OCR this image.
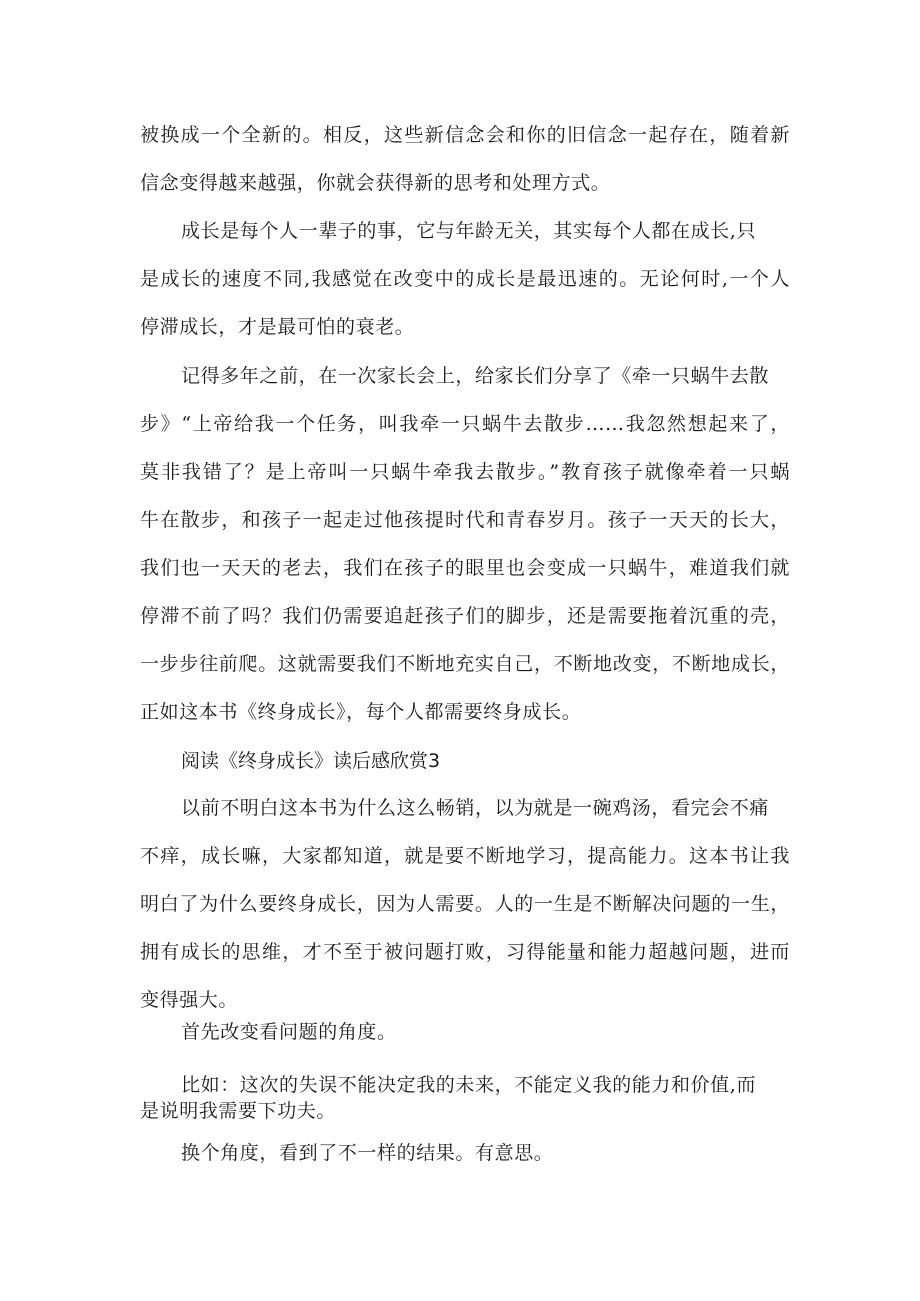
被换成一个全新的。相反，这些新信念会和你的旧信念一起存在，随着新
信念变得越来越强，你就会获得新的思考和处理方式。
成长是每个人一辈子的事，它与年龄无关，其实每个人都在成长,只
是成长的速度不同,我感觉在改变中的成长是最迅速的。无论何时,一个人
停滞成长，才是最可怕的衰老。
记得多年之前，在一次家长会上，给家长们分享了《牵一只蜗牛去散
步》“上帝给我一个任务，叫我牵一只蜗牛去散步……我忽然想起来了，
莫非我错了？是上帝叫一只蜗牛牵我去散步。”教育孩子就像牵着一只蜗
牛在散步，和孩子一起走过他孩提时代和青春岁月。孩子一天天的长大，
我们也一天天的老去，我们在孩子的眼里也会变成一只蜗牛，难道我们就
停滞不前了吗？我们仍需要追赶孩子们的脚步，还是需要拖着沉重的壳，
一步步往前爬。这就需要我们不断地充实自己，不断地改变，不断地成长，
正如这本书《终身成长》，每个人都需要终身成长。
阅读《终身成长》读后感欣赏3
以前不明白这本书为什么这么畅销，以为就是一碗鸡汤，看完会不痛
不痒，成长嘛，大家都知道，就是要不断地学习，提高能力。这本书让我
明白了为什么要终身成长，因为人需要。人的一生是不断解决问题的一生，
拥有成长的思维，才不至于被问题打败，习得能量和能力超越问题，进而
变得强大。
首先改变看问题的角度。
比如：这次的失误不能决定我的未来，不能定义我的能力和价值,而
是说明我需要下功夫。
换个角度，看到了不一样的结果。有意思。
